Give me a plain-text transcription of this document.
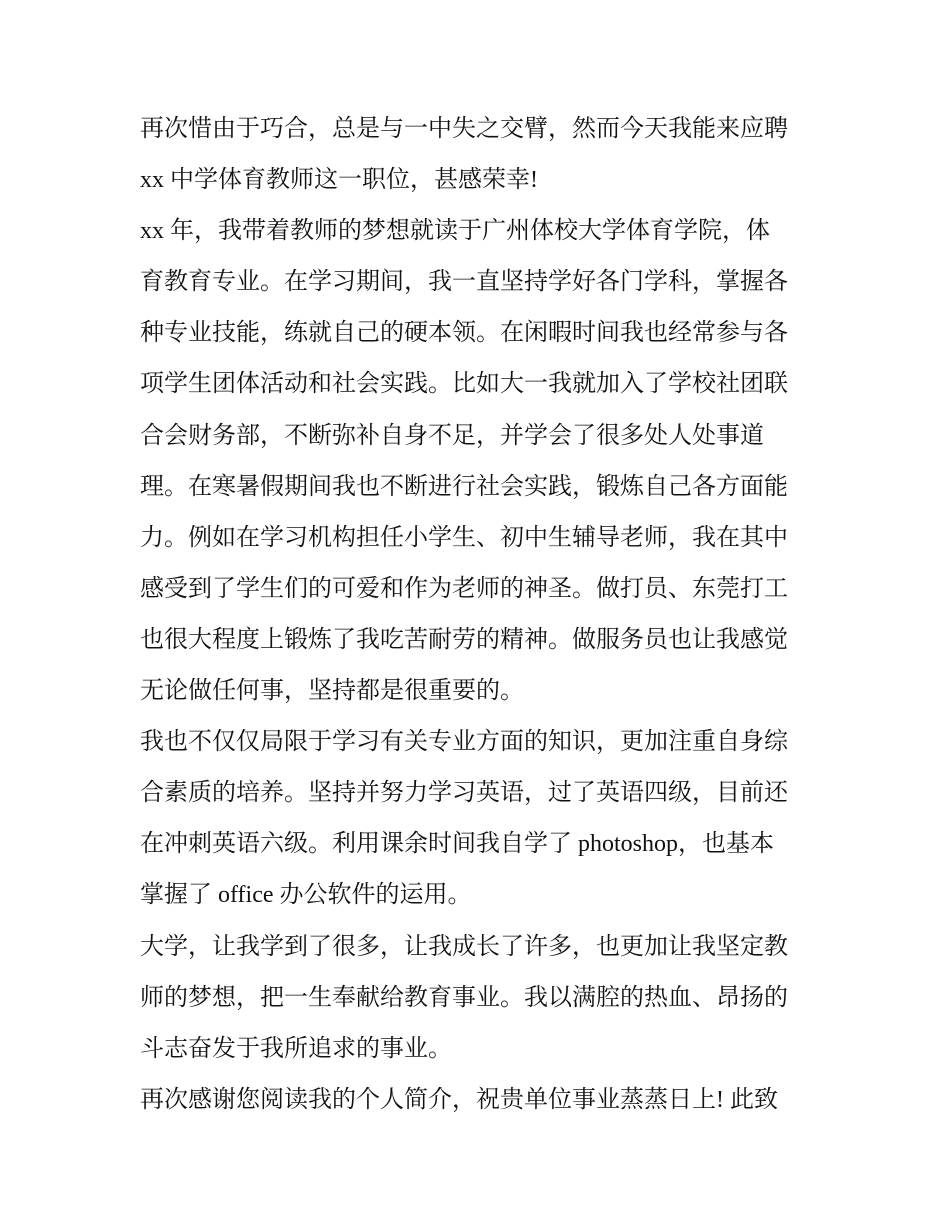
再次惜由于巧合，总是与一中失之交臂，然而今天我能来应聘
xx 中学体育教师这一职位，甚感荣幸!
xx 年，我带着教师的梦想就读于广州体校大学体育学院，体
育教育专业。在学习期间，我一直坚持学好各门学科，掌握各
种专业技能，练就自己的硬本领。在闲暇时间我也经常参与各
项学生团体活动和社会实践。比如大一我就加入了学校社团联
合会财务部，不断弥补自身不足，并学会了很多处人处事道
理。在寒暑假期间我也不断进行社会实践，锻炼自己各方面能
力。例如在学习机构担任小学生、初中生辅导老师，我在其中
感受到了学生们的可爱和作为老师的神圣。做打员、东莞打工
也很大程度上锻炼了我吃苦耐劳的精神。做服务员也让我感觉
无论做任何事，坚持都是很重要的。
我也不仅仅局限于学习有关专业方面的知识，更加注重自身综
合素质的培养。坚持并努力学习英语，过了英语四级，目前还
在冲刺英语六级。利用课余时间我自学了 photoshop，也基本
掌握了 office 办公软件的运用。
大学，让我学到了很多，让我成长了许多，也更加让我坚定教
师的梦想，把一生奉献给教育事业。我以满腔的热血、昂扬的
斗志奋发于我所追求的事业。
再次感谢您阅读我的个人简介，祝贵单位事业蒸蒸日上! 此致
